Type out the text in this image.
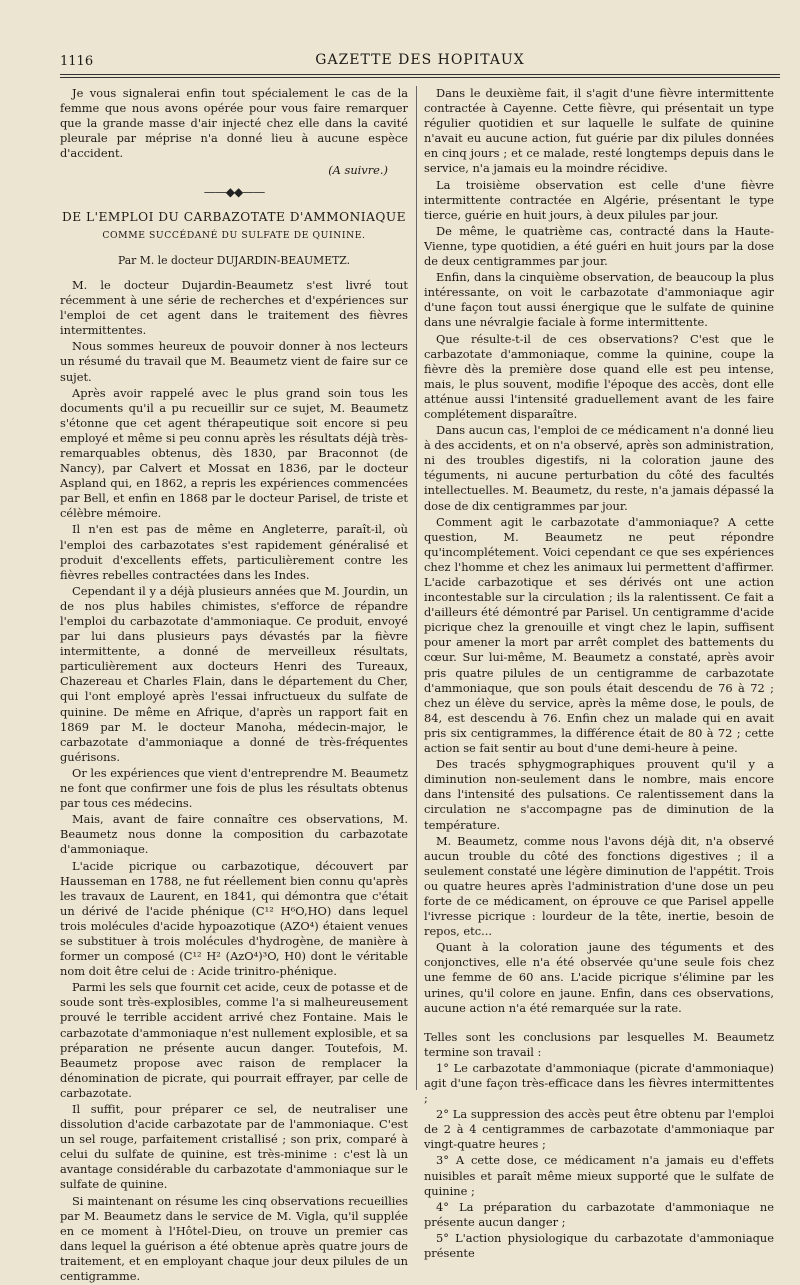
1116	GAZETTE DES HOPITAUX

Je vous signalerai enfin tout spécialement le cas de la femme que nous avons opérée pour vous faire remarquer que la grande masse d'air injecté chez elle dans la cavité pleurale par méprise n'a donné lieu à aucune espèce d'accident.

(A suivre.)
——◆◆——
DE L'EMPLOI DU CARBAZOTATE D'AMMONIAQUE
COMME SUCCÉDANÉ DU SULFATE DE QUININE.
Par M. le docteur DUJARDIN-BEAUMETZ.

M. le docteur Dujardin-Beaumetz s'est livré tout récemment à une série de recherches et d'expériences sur l'emploi de cet agent dans le traitement des fièvres intermittentes.

Nous sommes heureux de pouvoir donner à nos lecteurs un résumé du travail que M. Beaumetz vient de faire sur ce sujet.

Après avoir rappelé avec le plus grand soin tous les documents qu'il a pu recueillir sur ce sujet, M. Beaumetz s'étonne que cet agent thérapeutique soit encore si peu employé et même si peu connu après les résultats déjà très-remarquables obtenus, dès 1830, par Braconnot (de Nancy), par Calvert et Mossat en 1836, par le docteur Aspland qui, en 1862, a repris les expériences commencées par Bell, et enfin en 1868 par le docteur Parisel, de triste et célèbre mémoire.

Il n'en est pas de même en Angleterre, paraît-il, où l'emploi des carbazotates s'est rapidement généralisé et produit d'excellents effets, particulièrement contre les fièvres rebelles contractées dans les Indes.

Cependant il y a déjà plusieurs années que M. Jourdin, un de nos plus habiles chimistes, s'efforce de répandre l'emploi du carbazotate d'ammoniaque. Ce produit, envoyé par lui dans plusieurs pays dévastés par la fièvre intermittente, a donné de merveilleux résultats, particulièrement aux docteurs Henri des Tureaux, Chazereau et Charles Flain, dans le département du Cher, qui l'ont employé après l'essai infructueux du sulfate de quinine. De même en Afrique, d'après un rapport fait en 1869 par M. le docteur Manoha, médecin-major, le carbazotate d'ammoniaque a donné de très-fréquentes guérisons.

Or les expériences que vient d'entreprendre M. Beaumetz ne font que confirmer une fois de plus les résultats obtenus par tous ces médecins.

Mais, avant de faire connaître ces observations, M. Beaumetz nous donne la composition du carbazotate d'ammoniaque.

L'acide picrique ou carbazotique, découvert par Hausseman en 1788, ne fut réellement bien connu qu'après les travaux de Laurent, en 1841, qui démontra que c'était un dérivé de l'acide phénique (C¹² H⁶O,HO) dans lequel trois molécules d'acide hypoazotique (AZO⁴) étaient venues se substituer à trois molécules d'hydrogène, de manière à former un composé (C¹² H² (AzO⁴)³O, H0) dont le véritable nom doit être celui de : Acide trinitro-phénique.

Parmi les sels que fournit cet acide, ceux de potasse et de soude sont très-explosibles, comme l'a si malheureusement prouvé le terrible accident arrivé chez Fontaine. Mais le carbazotate d'ammoniaque n'est nullement explosible, et sa préparation ne présente aucun danger. Toutefois, M. Beaumetz propose avec raison de remplacer la dénomination de picrate, qui pourrait effrayer, par celle de carbazotate.

Il suffit, pour préparer ce sel, de neutraliser une dissolution d'acide carbazotate par de l'ammoniaque. C'est un sel rouge, parfaitement cristallisé ; son prix, comparé à celui du sulfate de quinine, est très-minime : c'est là un avantage considérable du carbazotate d'ammoniaque sur le sulfate de quinine.

Si maintenant on résume les cinq observations recueillies par M. Beaumetz dans le service de M. Vigla, qu'il supplée en ce moment à l'Hôtel-Dieu, on trouve un premier cas dans lequel la guérison a été obtenue après quatre jours de traitement, et en employant chaque jour deux pilules de un centigramme.

Dans le deuxième fait, il s'agit d'une fièvre intermittente contractée à Cayenne. Cette fièvre, qui présentait un type régulier quotidien et sur laquelle le sulfate de quinine n'avait eu aucune action, fut guérie par dix pilules données en cinq jours ; et ce malade, resté longtemps depuis dans le service, n'a jamais eu la moindre récidive.

La troisième observation est celle d'une fièvre intermittente contractée en Algérie, présentant le type tierce, guérie en huit jours, à deux pilules par jour.

De même, le quatrième cas, contracté dans la Haute-Vienne, type quotidien, a été guéri en huit jours par la dose de deux centigrammes par jour.

Enfin, dans la cinquième observation, de beaucoup la plus intéressante, on voit le carbazotate d'ammoniaque agir d'une façon tout aussi énergique que le sulfate de quinine dans une névralgie faciale à forme intermittente.

Que résulte-t-il de ces observations? C'est que le carbazotate d'ammoniaque, comme la quinine, coupe la fièvre dès la première dose quand elle est peu intense, mais, le plus souvent, modifie l'époque des accès, dont elle atténue aussi l'intensité graduellement avant de les faire complétement disparaître.

Dans aucun cas, l'emploi de ce médicament n'a donné lieu à des accidents, et on n'a observé, après son administration, ni des troubles digestifs, ni la coloration jaune des téguments, ni aucune perturbation du côté des facultés intellectuelles. M. Beaumetz, du reste, n'a jamais dépassé la dose de dix centigrammes par jour.

Comment agit le carbazotate d'ammoniaque? A cette question, M. Beaumetz ne peut répondre qu'incomplétement. Voici cependant ce que ses expériences chez l'homme et chez les animaux lui permettent d'affirmer. L'acide carbazotique et ses dérivés ont une action incontestable sur la circulation ; ils la ralentissent. Ce fait a d'ailleurs été démontré par Parisel. Un centigramme d'acide picrique chez la grenouille et vingt chez le lapin, suffisent pour amener la mort par arrêt complet des battements du cœur. Sur lui-même, M. Beaumetz a constaté, après avoir pris quatre pilules de un centigramme de carbazotate d'ammoniaque, que son pouls était descendu de 76 à 72 ; chez un élève du service, après la même dose, le pouls, de 84, est descendu à 76. Enfin chez un malade qui en avait pris six centigrammes, la différence était de 80 à 72 ; cette action se fait sentir au bout d'une demi-heure à peine.

Des tracés sphygmographiques prouvent qu'il y a diminution non-seulement dans le nombre, mais encore dans l'intensité des pulsations. Ce ralentissement dans la circulation ne s'accompagne pas de diminution de la température.

M. Beaumetz, comme nous l'avons déjà dit, n'a observé aucun trouble du côté des fonctions digestives ; il a seulement constaté une légère diminution de l'appétit. Trois ou quatre heures après l'administration d'une dose un peu forte de ce médicament, on éprouve ce que Parisel appelle l'ivresse picrique : lourdeur de la tête, inertie, besoin de repos, etc...

Quant à la coloration jaune des téguments et des conjonctives, elle n'a été observée qu'une seule fois chez une femme de 60 ans. L'acide picrique s'élimine par les urines, qu'il colore en jaune. Enfin, dans ces observations, aucune action n'a été remarquée sur la rate.

Telles sont les conclusions par lesquelles M. Beaumetz termine son travail :

1° Le carbazotate d'ammoniaque (picrate d'ammoniaque) agit d'une façon très-efficace dans les fièvres intermittentes ;

2° La suppression des accès peut être obtenu par l'emploi de 2 à 4 centigrammes de carbazotate d'ammoniaque par vingt-quatre heures ;

3° A cette dose, ce médicament n'a jamais eu d'effets nuisibles et paraît même mieux supporté que le sulfate de quinine ;

4° La préparation du carbazotate d'ammoniaque ne présente aucun danger ;

5° L'action physiologique du carbazotate d'ammoniaque présente
